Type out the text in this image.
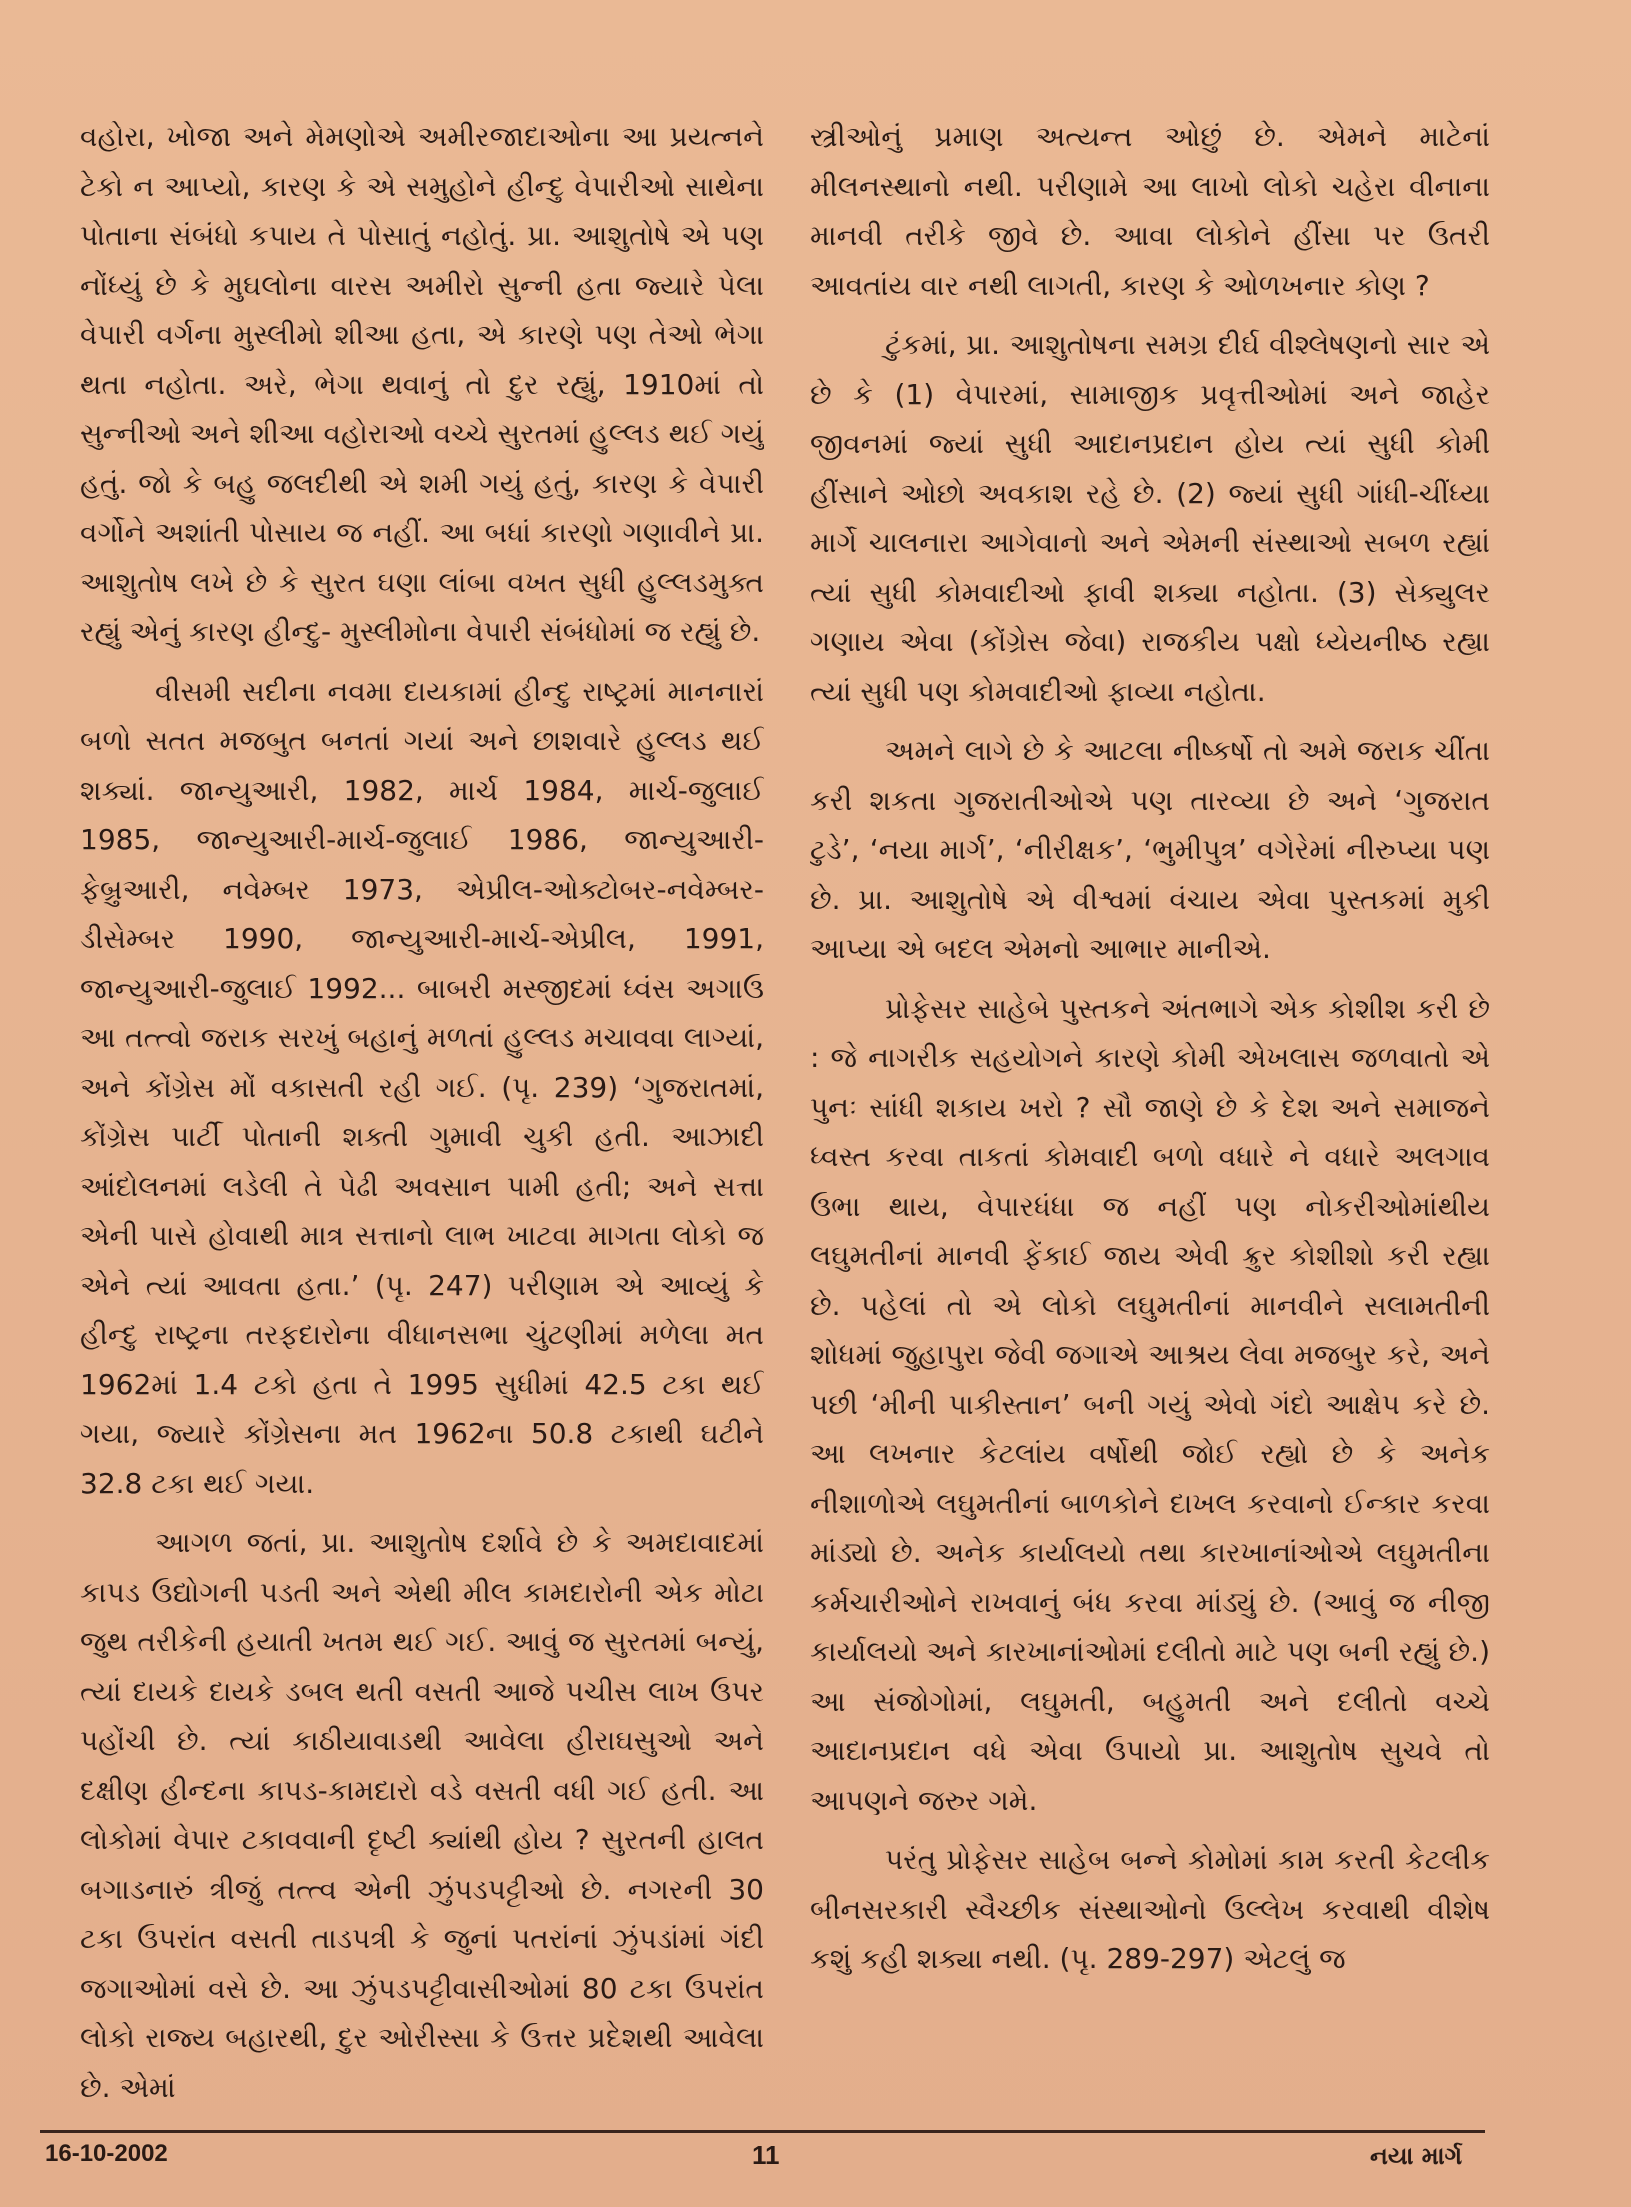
વહોરા, ખોજા અને મેમણોએ અમીરજાદાઓના આ પ્રયત્નને ટેકો ન આપ્યો, કારણ કે એ સમુહોને હીન્દુ વેપારીઓ સાથેના પોતાના સંબંધો કપાય તે પોસાતું નહોતું. પ્રા. આશુતોષે એ પણ નોંધ્યું છે કે મુઘલોના વારસ અમીરો સુન્ની હતા જ્યારે પેલા વેપારી વર્ગના મુસ્લીમો શીઆ હતા, એ કારણે પણ તેઓ ભેગા થતા નહોતા. અરે, ભેગા થવાનું તો દુર રહ્યું, 1910માં તો સુન્નીઓ અને શીઆ વહોરાઓ વચ્ચે સુરતમાં હુલ્લડ થઈ ગયું હતું. જો કે બહુ જલદીથી એ શમી ગયું હતું, કારણ કે વેપારી વર્ગોને અશાંતી પોસાય જ નહીં. આ બધાં કારણો ગણાવીને પ્રા. આશુતોષ લખે છે કે સુરત ઘણા લાંબા વખત સુધી હુલ્લડમુક્ત રહ્યું એનું કારણ હીન્દુ- મુસ્લીમોના વેપારી સંબંધોમાં જ રહ્યું છે.

વીસમી સદીના નવમા દાયકામાં હીન્દુ રાષ્ટ્રમાં માનનારાં બળો સતત મજબુત બનતાં ગયાં અને છાશવારે હુલ્લડ થઈ શક્યાં. જાન્યુઆરી, 1982, માર્ચ 1984, માર્ચ-જુલાઈ 1985, જાન્યુઆરી-માર્ચ-જુલાઈ 1986, જાન્યુઆરી-ફેબ્રુઆરી, નવેમ્બર 1973, એપ્રીલ-ઓક્ટોબર-નવેમ્બર-ડીસેમ્બર 1990, જાન્યુઆરી-માર્ચ-એપ્રીલ, 1991, જાન્યુઆરી-જુલાઈ 1992... બાબરી મસ્જીદમાં ધ્વંસ અગાઉ આ તત્ત્વો જરાક સરખું બહાનું મળતાં હુલ્લડ મચાવવા લાગ્યાં, અને કોંગ્રેસ મોં વકાસતી રહી ગઈ. (પૃ. 239) ‘ગુજરાતમાં, કોંગ્રેસ પાર્ટી પોતાની શક્તી ગુમાવી ચુકી હતી. આઝાદી આંદોલનમાં લડેલી તે પેઢી અવસાન પામી હતી; અને સત્તા એની પાસે હોવાથી માત્ર સત્તાનો લાભ ખાટવા માગતા લોકો જ એને ત્યાં આવતા હતા.’ (પૃ. 247) પરીણામ એ આવ્યું કે હીન્દુ રાષ્ટ્રના તરફદારોના વીધાનસભા ચુંટણીમાં મળેલા મત 1962માં 1.4 ટકો હતા તે 1995 સુધીમાં 42.5 ટકા થઈ ગયા, જ્યારે કોંગ્રેસના મત 1962ના 50.8 ટકાથી ઘટીને 32.8 ટકા થઈ ગયા.

આગળ જતાં, પ્રા. આશુતોષ દર્શાવે છે કે અમદાવાદમાં કાપડ ઉદ્યોગની પડતી અને એથી મીલ કામદારોની એક મોટા જુથ તરીકેની હયાતી ખતમ થઈ ગઈ. આવું જ સુરતમાં બન્યું, ત્યાં દાયકે દાયકે ડબલ થતી વસતી આજે પચીસ લાખ ઉપર પહોંચી છે. ત્યાં કાઠીયાવાડથી આવેલા હીરાઘસુઓ અને દક્ષીણ હીન્દના કાપડ-કામદારો વડે વસતી વધી ગઈ હતી. આ લોકોમાં વેપાર ટકાવવાની દૃષ્ટી ક્યાંથી હોય ? સુરતની હાલત બગાડનારું ત્રીજું તત્ત્વ એની ઝુંપડપટ્ટીઓ છે. નગરની 30 ટકા ઉપરાંત વસતી તાડપત્રી કે જુનાં પતરાંનાં ઝુંપડાંમાં ગંદી જગાઓમાં વસે છે. આ ઝુંપડપટ્ટીવાસીઓમાં 80 ટકા ઉપરાંત લોકો રાજ્ય બહારથી, દુર ઓરીસ્સા કે ઉત્તર પ્રદેશથી આવેલા છે. એમાં

સ્ત્રીઓનું પ્રમાણ અત્યન્ત ઓછું છે. એમને માટેનાં મીલનસ્થાનો નથી. પરીણામે આ લાખો લોકો ચહેરા વીનાના માનવી તરીકે જીવે છે. આવા લોકોને હીંસા પર ઉતરી આવતાંય વાર નથી લાગતી, કારણ કે ઓળખનાર કોણ ?

ટુંકમાં, પ્રા. આશુતોષના સમગ્ર દીર્ઘ વીશ્લેષણનો સાર એ છે કે (1) વેપારમાં, સામાજીક પ્રવૃત્તીઓમાં અને જાહેર જીવનમાં જ્યાં સુધી આદાનપ્રદાન હોય ત્યાં સુધી કોમી હીંસાને ઓછો અવકાશ રહે છે. (2) જ્યાં સુધી ગાંધી-ચીંધ્યા માર્ગે ચાલનારા આગેવાનો અને એમની સંસ્થાઓ સબળ રહ્યાં ત્યાં સુધી કોમવાદીઓ ફાવી શક્યા નહોતા. (3) સેક્યુલર ગણાય એવા (કોંગ્રેસ જેવા) રાજકીય પક્ષો ધ્યેયનીષ્ઠ રહ્યા ત્યાં સુધી પણ કોમવાદીઓ ફાવ્યા નહોતા.

અમને લાગે છે કે આટલા નીષ્કર્ષો તો અમે જરાક ચીંતા કરી શકતા ગુજરાતીઓએ પણ તારવ્યા છે અને ‘ગુજરાત ટુડે’, ‘નયા માર્ગ’, ‘નીરીક્ષક’, ‘ભુમીપુત્ર’ વગેરેમાં નીરુપ્યા પણ છે. પ્રા. આશુતોષે એ વીશ્વમાં વંચાય એવા પુસ્તકમાં મુકી આપ્યા એ બદલ એમનો આભાર માનીએ.

પ્રોફેસર સાહેબે પુસ્તકને અંતભાગે એક કોશીશ કરી છે : જે નાગરીક સહયોગને કારણે કોમી એખલાસ જળવાતો એ પુનઃ સાંધી શકાય ખરો ? સૌ જાણે છે કે દેશ અને સમાજને ધ્વસ્ત કરવા તાકતાં કોમવાદી બળો વધારે ને વધારે અલગાવ ઉભા થાય, વેપારધંધા જ નહીં પણ નોકરીઓમાંથીય લઘુમતીનાં માનવી ફેંકાઈ જાય એવી ક્રુર કોશીશો કરી રહ્યા છે. પહેલાં તો એ લોકો લઘુમતીનાં માનવીને સલામતીની શોધમાં જુહાપુરા જેવી જગાએ આશ્રય લેવા મજબુર કરે, અને પછી ‘મીની પાકીસ્તાન’ બની ગયું એવો ગંદો આક્ષેપ કરે છે. આ લખનાર કેટલાંય વર્ષોથી જોઈ રહ્યો છે કે અનેક નીશાળોએ લઘુમતીનાં બાળકોને દાખલ કરવાનો ઈન્કાર કરવા માંડ્યો છે. અનેક કાર્યાલયો તથા કારખાનાંઓએ લઘુમતીના કર્મચારીઓને રાખવાનું બંધ કરવા માંડ્યું છે. (આવું જ નીજી કાર્યાલયો અને કારખાનાંઓમાં દલીતો માટે પણ બની રહ્યું છે.) આ સંજોગોમાં, લઘુમતી, બહુમતી અને દલીતો વચ્ચે આદાનપ્રદાન વધે એવા ઉપાયો પ્રા. આશુતોષ સુચવે તો આપણને જરુર ગમે.

પરંતુ પ્રોફેસર સાહેબ બન્ને કોમોમાં કામ કરતી કેટલીક બીનસરકારી સ્વૈચ્છીક સંસ્થાઓનો ઉલ્લેખ કરવાથી વીશેષ કશું કહી શક્યા નથી. (પૃ. 289-297) એટલું જ

16-10-2002	11	નયા માર્ગ
